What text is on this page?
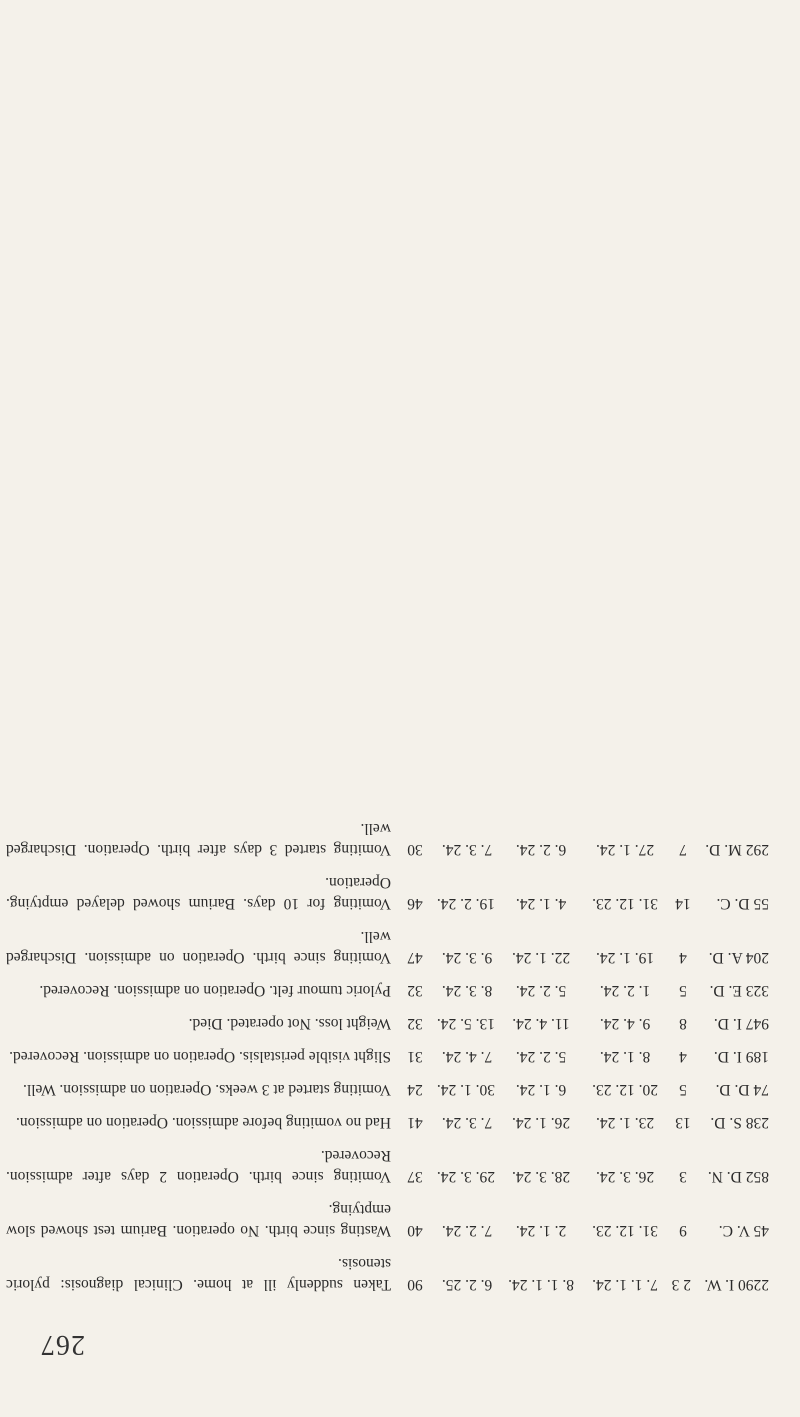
267
2290 I. W.	2 3	7. 1. 1. 24.	8. 1. 1. 24.	6. 2. 25.	90	Taken suddenly ill at home. Clinical diagnosis: pyloric stenosis.
45 V. C.	9	31. 12. 23.	2. 1. 24.	7. 2. 24.	40	Wasting since birth. No operation. Barium test showed slow emptying.
852 D. N.	3	26. 3. 24.	28. 3. 24.	29. 3. 24.	37	Vomiting since birth. Operation 2 days after admission. Recovered.
238 S. D.	13	23. 1. 24.	26. 1. 24.	7. 3. 24.	41	Had no vomiting before admission. Operation on admission.
74 D. D.	5	20. 12. 23.	6. 1. 24.	30. 1. 24.	24	Vomiting started at 3 weeks. Operation on admission. Well.
189 I. D.	4	8. 1. 24.	5. 2. 24.	7. 4. 24.	31	Slight visible peristalsis. Operation on admission. Recovered.
947 I. D.	8	9. 4. 24.	11. 4. 24.	13. 5. 24.	32	Weight loss. Not operated. Died.
323 E. D.	5	1. 2. 24.	5. 2. 24.	8. 3. 24.	32	Pyloric tumour felt. Operation on admission. Recovered.
204 A. D.	4	19. 1. 24.	22. 1. 24.	9. 3. 24.	47	Vomiting since birth. Operation on admission. Discharged well.
55 D. C.	14	31. 12. 23.	4. 1. 24.	19. 2. 24.	46	Vomiting for 10 days. Barium showed delayed emptying. Operation.
292 M. D.	7	27. 1. 24.	6. 2. 24.	7. 3. 24.	30	Vomiting started 3 days after birth. Operation. Discharged well.
